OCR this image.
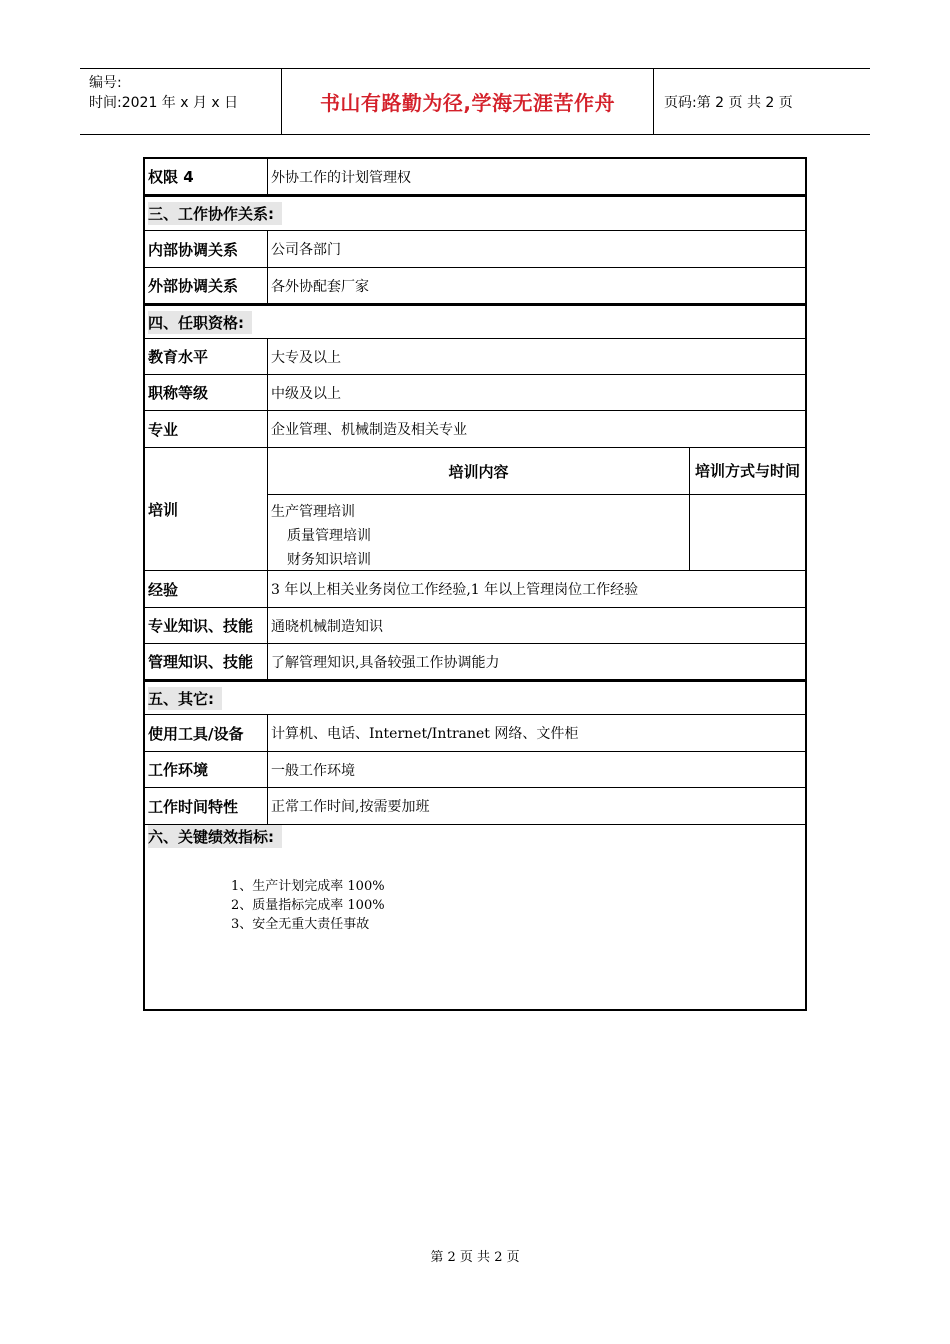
编号:
时间:2021 年 x 月 x 日	书山有路勤为径,学海无涯苦作舟	页码:第 2 页 共 2 页
权限 4	外协工作的计划管理权
三、工作协作关系:
内部协调关系	公司各部门
外部协调关系	各外协配套厂家
四、任职资格:
教育水平	大专及以上
职称等级	中级及以上
专业	企业管理、机械制造及相关专业
培训
培训内容	培训方式与时间
生产管理培训
质量管理培训
财务知识培训
经验	3 年以上相关业务岗位工作经验,1 年以上管理岗位工作经验
专业知识、技能	通晓机械制造知识
管理知识、技能	了解管理知识,具备较强工作协调能力
五、其它:
使用工具/设备	计算机、电话、Internet/Intranet 网络、文件柜
工作环境	一般工作环境
工作时间特性	正常工作时间,按需要加班
六、关键绩效指标:
1、生产计划完成率 100%
2、质量指标完成率 100%
3、安全无重大责任事故
第 2 页 共 2 页
